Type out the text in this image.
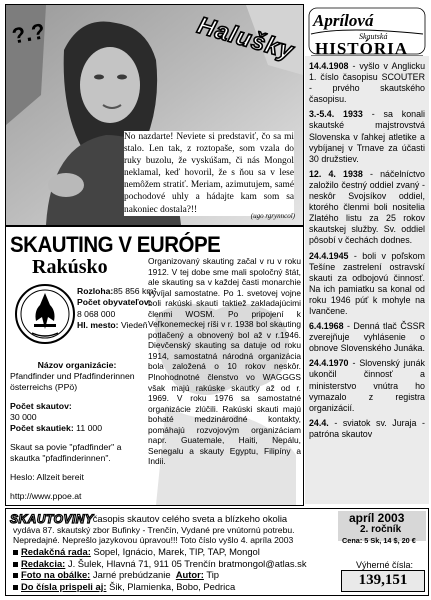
?.?	Halušky
No nazdarte! Neviete si predstaviť, čo sa mi stalo. Len tak, z roztopaše, som vzala do ruky buzolu, že vyskúšam, či nás Mongol neklamal, keď hovoril, že s ňou sa v lese nemôžem stratiť. Meriam, azimutujem, samé pochodové uhly a hádajte kam som sa nakoniec dostala?!!
(ugo rgrynncol)
Aprílová
Skautská
HISTÓRIA

14.4.1908 - vyšlo v Anglicku 1. číslo časopisu SCOUTER - prvého skautského časopisu.

3.-5.4. 1933 - sa konali skautské majstrovstvá Slovenska v ľahkej atletike a vybíjanej v Trnave za účasti 30 družstiev.

12. 4. 1938 - náčelníctvo založilo čestný oddiel zvaný - neskôr Svojsíkov oddiel, ktorého členmi boli nositelia Zlatého listu za 25 rokov skautskej služby. Sv. oddiel pôsobí v čechách dodnes.

24.4.1945 - boli v poľskom Tešíne zastrelení ostravskí skauti za odbojovú činnosť. Na ich pamiatku sa konal od roku 1946 púť k mohyle na Ivančene.

6.4.1968 - Denná tlač ČSSR zverejňuje vyhlásenie o obnove Slovenského Junáka.

24.4.1970 - Slovenský junák ukončil činnosť a ministerstvo vnútra ho vymazalo z registra organizácií.

24.4. - sviatok sv. Juraja - patróna skautov

SKAUTING V EURÓPE
Rakúsko
Rozloha:85 856 km²
Počet obyvateľov:
8 068 000
Hl. mesto: Viedeň

Názov organizácie:

Pfandfinder und Pfadfinderinnen österreichs (PPö)

Počet skautov:

30 000

Počet skautiek: 11 000

Skaut sa povie "pfadfinder" a skautka "pfadfinderinnen".

Heslo: Allzeit bereit

http://www.ppoe.at

Organizovaný skauting začal v ru v roku 1912. V tej dobe sme mali spoločný štát, ale skauting sa v každej časti monarchie vyvíjal samostatne. Po 1. svetovej vojne boli rakúski skauti taktiež zakladajúcimi členmi WOSM. Po pripojení k Veľkonemeckej ríši v r. 1938 bol skauting potlačený a obnovený bol až v r.1946. Dievčenský skauting sa datuje od roku 1914, samostatná národná organizácia bola založená o 10 rokov neskôr. Plnohodnotné členstvo vo WAGGGS však majú rakúske skautky až od r. 1969. V roku 1976 sa samostatné organizácie zlúčili. Rakúski skauti majú bohaté medzinárodné kontakty, pomáhajú rozvojovým organizáciam napr. Guatemale, Haiti, Nepálu, Senegalu a skauty Egyptu, Filipíny a Indii.
- časopis skautov celého sveta a blízkeho okolia
vydáva 87. skautský zbor Bufinky - Trenčín, Vydané pre vnútornú potrebu. Nepredajné. Neprešlo jazykovou úpravou!!! Toto číslo vyšlo 4. apríla 2003
Redakčná rada: Sopel, Ignácio, Marek, TIP, TAP, Mongol
Redakcia: J. Šulek, Hlavná 71, 911 05 Trenčín bratmongol@atlas.sk
Foto na obálke: Jarné prebúdzanie Autor: Tip
Do čísla prispeli aj: Šik, Plamienka, Bobo, Pedrica
SKAUTOVINY	apríl 2003
2. ročník
Cena: 5 Sk, 14 $, 20 €
Výherné čísla:
139,151
